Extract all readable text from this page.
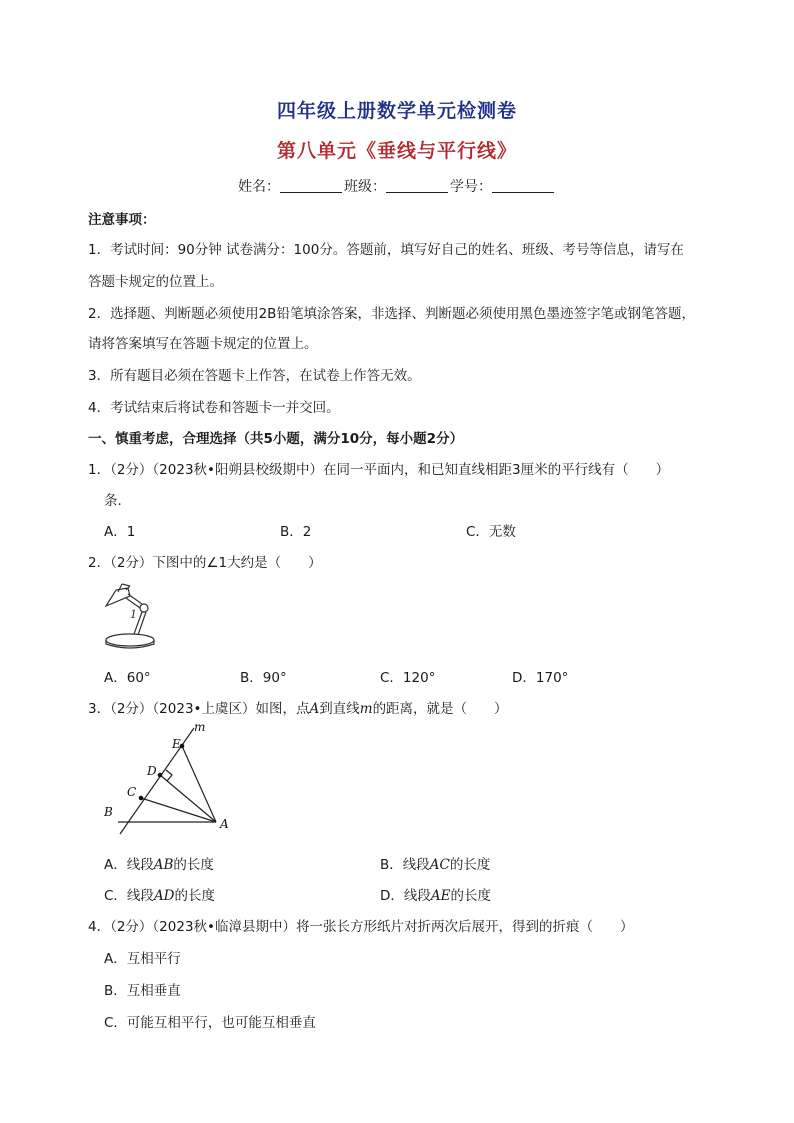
四年级上册数学单元检测卷
第八单元《垂线与平行线》
姓名：	班级：	学号：
注意事项：
1．考试时间：90分钟 试卷满分：100分。答题前，填写好自己的姓名、班级、考号等信息，请写在
答题卡规定的位置上。
2．选择题、判断题必须使用2B铅笔填涂答案，非选择、判断题必须使用黑色墨迹签字笔或钢笔答题，
请将答案填写在答题卡规定的位置上。
3．所有题目必须在答题卡上作答，在试卷上作答无效。
4．考试结束后将试卷和答题卡一并交回。
一、慎重考虑，合理选择（共5小题，满分10分，每小题2分）
1．（2分）（2023秋•阳朔县校级期中）在同一平面内，和已知直线相距3厘米的平行线有（　　）
条．
A．1	B．2	C．无数
2．（2分）下图中的∠1大约是（　　）
1
A．60°	B．90°	C．120°	D．170°
3．（2分）（2023•上虞区）如图，点A到直线m的距离，就是（　　）
m
E
D
C
B
A
A．线段AB的长度	B．线段AC的长度
C．线段AD的长度	D．线段AE的长度
4．（2分）（2023秋•临漳县期中）将一张长方形纸片对折两次后展开，得到的折痕（　　）
A．互相平行
B．互相垂直
C．可能互相平行，也可能互相垂直
